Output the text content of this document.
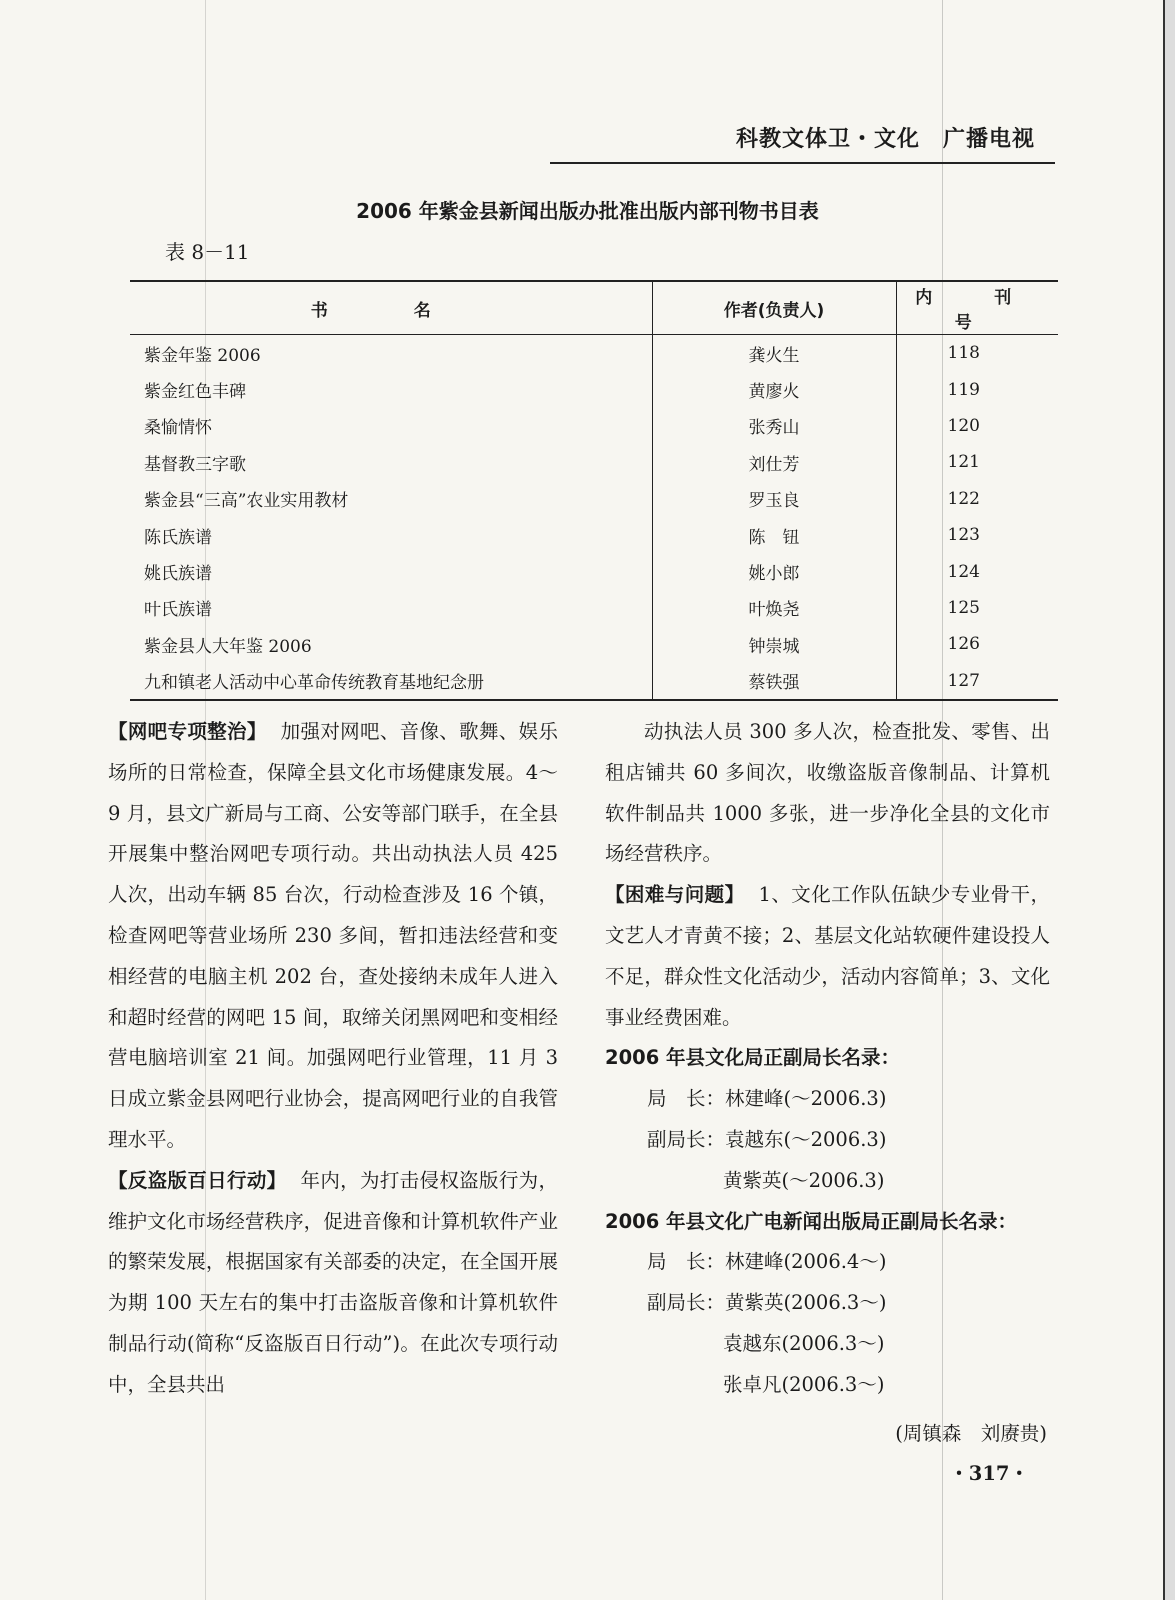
科教文体卫・文化　广播电视
2006 年紫金县新闻出版办批准出版内部刊物书目表
表 8－11
书 名	作者(负责人)	内 刊 号
紫金年鉴 2006	龚火生	118
紫金红色丰碑	黄廖火	119
桑愉情怀	张秀山	120
基督教三字歌	刘仕芳	121
紫金县“三高”农业实用教材	罗玉良	122
陈氏族谱	陈　钮	123
姚氏族谱	姚小郎	124
叶氏族谱	叶焕尧	125
紫金县人大年鉴 2006	钟崇城	126
九和镇老人活动中心革命传统教育基地纪念册	蔡铁强	127

【网吧专项整治】 加强对网吧、音像、歌舞、娱乐场所的日常检查，保障全县文化市场健康发展。4～9 月，县文广新局与工商、公安等部门联手，在全县开展集中整治网吧专项行动。共出动执法人员 425 人次，出动车辆 85 台次，行动检查涉及 16 个镇，检查网吧等营业场所 230 多间，暂扣违法经营和变相经营的电脑主机 202 台，查处接纳未成年人进入和超时经营的网吧 15 间，取缔关闭黑网吧和变相经营电脑培训室 21 间。加强网吧行业管理，11 月 3 日成立紫金县网吧行业协会，提高网吧行业的自我管理水平。

【反盗版百日行动】 年内，为打击侵权盗版行为，维护文化市场经营秩序，促进音像和计算机软件产业的繁荣发展，根据国家有关部委的决定，在全国开展为期 100 天左右的集中打击盗版音像和计算机软件制品行动(简称“反盗版百日行动”)。在此次专项行动中，全县共出

动执法人员 300 多人次，检查批发、零售、出租店铺共 60 多间次，收缴盗版音像制品、计算机软件制品共 1000 多张，进一步净化全县的文化市场经营秩序。

【困难与问题】 1、文化工作队伍缺少专业骨干，文艺人才青黄不接；2、基层文化站软硬件建设投人不足，群众性文化活动少，活动内容简单；3、文化事业经费困难。

2006 年县文化局正副局长名录：

局　长：林建峰(～2006.3)

副局长：袁越东(～2006.3)

黄紫英(～2006.3)

2006 年县文化广电新闻出版局正副局长名录：

局　长：林建峰(2006.4～)

副局长：黄紫英(2006.3～)

袁越东(2006.3～)

张卓凡(2006.3～)

(周镇森　刘赓贵)
・317・
